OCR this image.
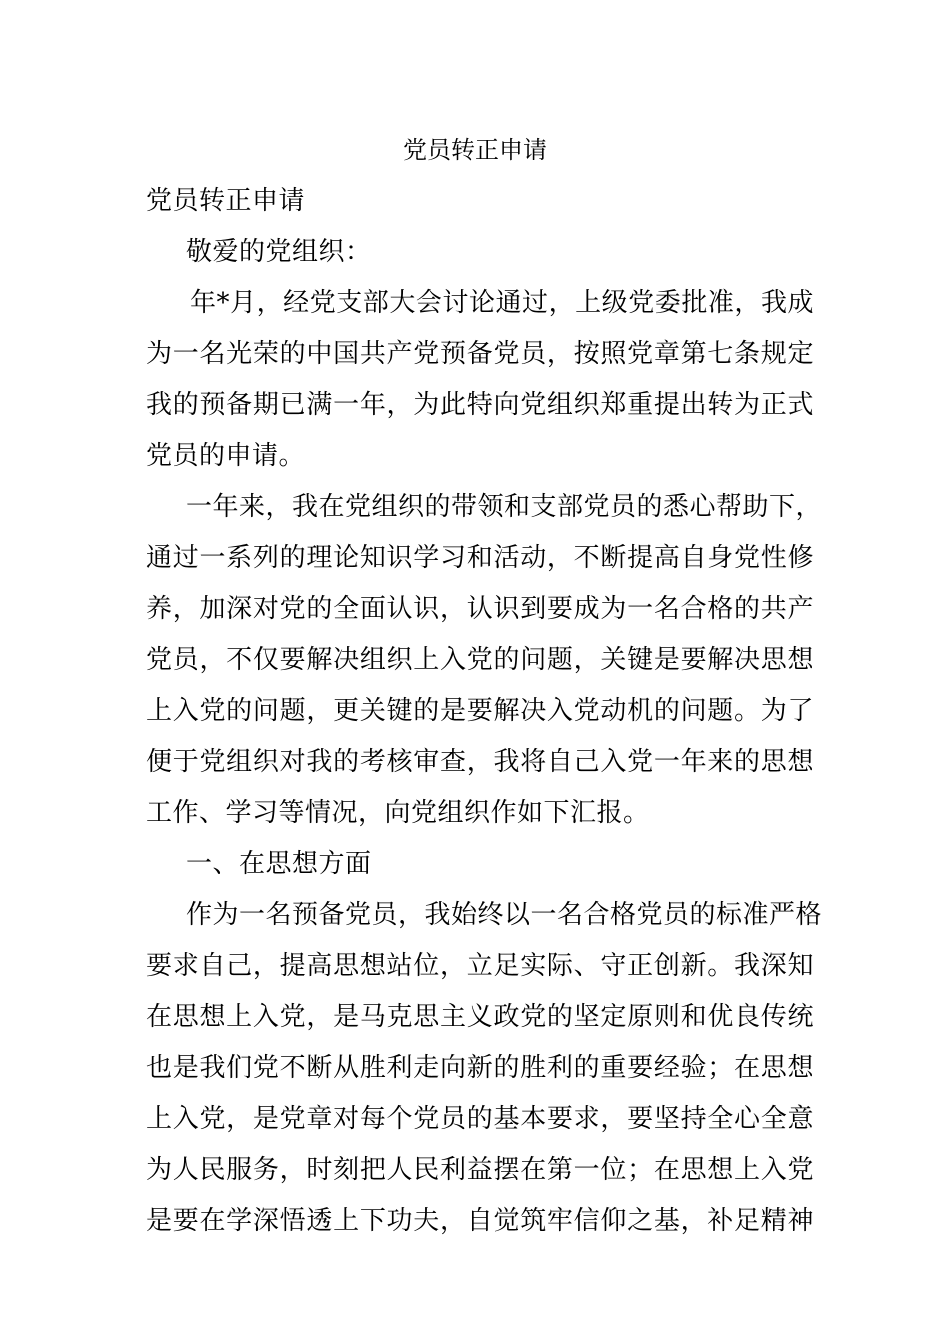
党员转正申请
党员转正申请
敬爱的党组织：
年*月，经党支部大会讨论通过，上级党委批准，我成
为一名光荣的中国共产党预备党员，按照党章第七条规定
我的预备期已满一年，为此特向党组织郑重提出转为正式
党员的申请。
一年来，我在党组织的带领和支部党员的悉心帮助下，
通过一系列的理论知识学习和活动，不断提高自身党性修
养，加深对党的全面认识，认识到要成为一名合格的共产
党员，不仅要解决组织上入党的问题，关键是要解决思想
上入党的问题，更关键的是要解决入党动机的问题。为了
便于党组织对我的考核审查，我将自己入党一年来的思想
工作、学习等情况，向党组织作如下汇报。
一、在思想方面
作为一名预备党员，我始终以一名合格党员的标准严格
要求自己，提高思想站位，立足实际、守正创新。我深知
在思想上入党，是马克思主义政党的坚定原则和优良传统
也是我们党不断从胜利走向新的胜利的重要经验；在思想
上入党，是党章对每个党员的基本要求，要坚持全心全意
为人民服务，时刻把人民利益摆在第一位；在思想上入党
是要在学深悟透上下功夫，自觉筑牢信仰之基，补足精神
